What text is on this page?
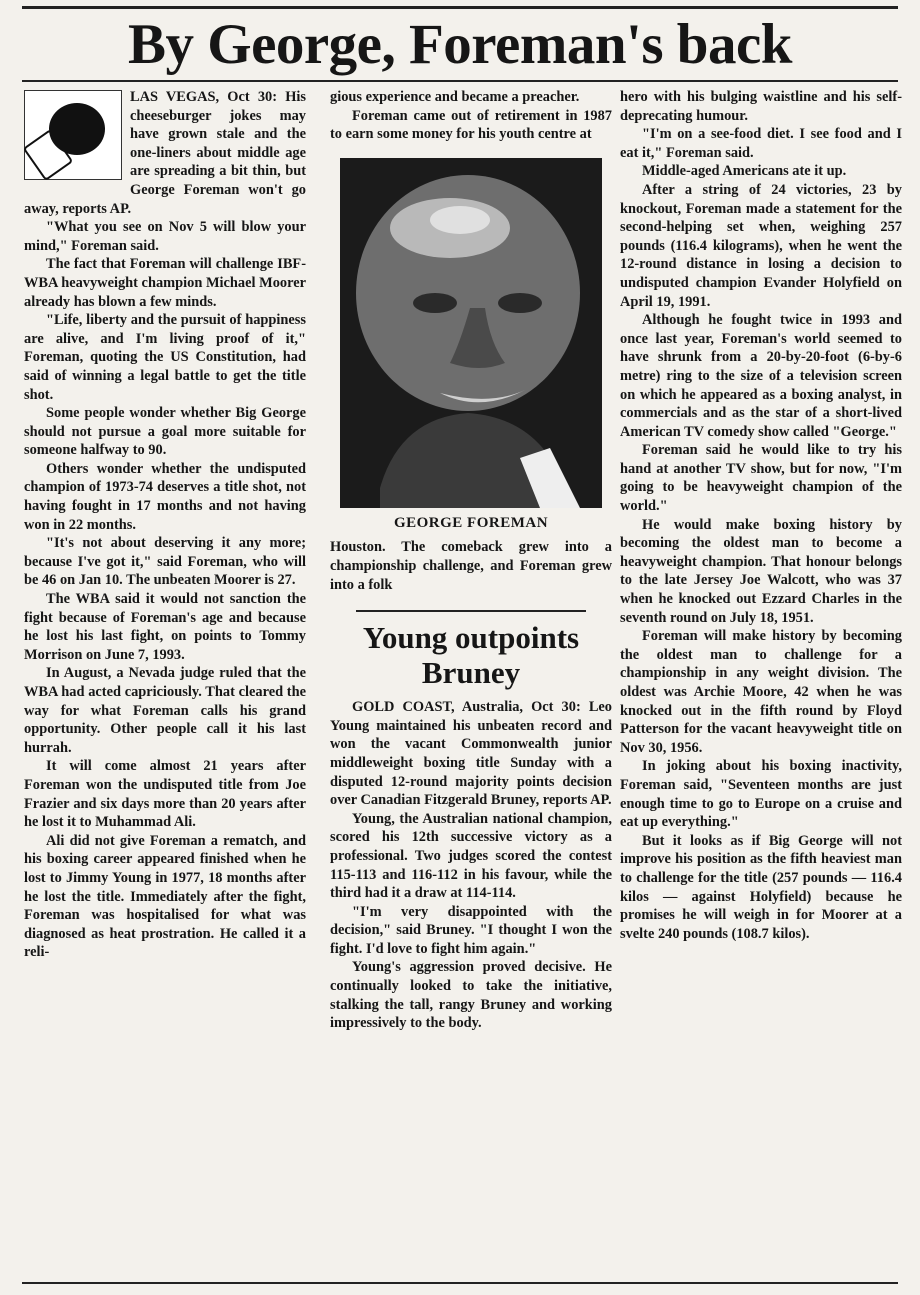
By George, Foreman's back

LAS VEGAS, Oct 30: His cheeseburger jokes may have grown stale and the one-liners about middle age are spreading a bit thin, but George Foreman won't go away, reports AP.

"What you see on Nov 5 will blow your mind," Foreman said.

The fact that Foreman will challenge IBF-WBA heavyweight champion Michael Moorer already has blown a few minds.

"Life, liberty and the pursuit of happiness are alive, and I'm living proof of it," Foreman, quoting the US Constitution, had said of winning a legal battle to get the title shot.

Some people wonder whether Big George should not pursue a goal more suitable for someone halfway to 90.

Others wonder whether the undisputed champion of 1973-74 deserves a title shot, not having fought in 17 months and not having won in 22 months.

"It's not about deserving it any more; because I've got it," said Foreman, who will be 46 on Jan 10. The unbeaten Moorer is 27.

The WBA said it would not sanction the fight because of Foreman's age and because he lost his last fight, on points to Tommy Morrison on June 7, 1993.

In August, a Nevada judge ruled that the WBA had acted capriciously. That cleared the way for what Foreman calls his grand opportunity. Other people call it his last hurrah.

It will come almost 21 years after Foreman won the undisputed title from Joe Frazier and six days more than 20 years after he lost it to Muhammad Ali.

Ali did not give Foreman a rematch, and his boxing career appeared finished when he lost to Jimmy Young in 1977, 18 months after he lost the title. Immediately after the fight, Foreman was hospitalised for what was diagnosed as heat prostration. He called it a reli-

gious experience and became a preacher.

Foreman came out of retirement in 1987 to earn some money for his youth centre at

GEORGE FOREMAN

Houston. The comeback grew into a championship challenge, and Foreman grew into a folk

Young outpoints Bruney

GOLD COAST, Australia, Oct 30: Leo Young maintained his unbeaten record and won the vacant Commonwealth junior middleweight boxing title Sunday with a disputed 12-round majority points decision over Canadian Fitzgerald Bruney, reports AP.

Young, the Australian national champion, scored his 12th successive victory as a professional. Two judges scored the contest 115-113 and 116-112 in his favour, while the third had it a draw at 114-114.

"I'm very disappointed with the decision," said Bruney. "I thought I won the fight. I'd love to fight him again."

Young's aggression proved decisive. He continually looked to take the initiative, stalking the tall, rangy Bruney and working impressively to the body.

hero with his bulging waistline and his self-deprecating humour.

"I'm on a see-food diet. I see food and I eat it," Foreman said.

Middle-aged Americans ate it up.

After a string of 24 victories, 23 by knockout, Foreman made a statement for the second-helping set when, weighing 257 pounds (116.4 kilograms), when he went the 12-round distance in losing a decision to undisputed champion Evander Holyfield on April 19, 1991.

Although he fought twice in 1993 and once last year, Foreman's world seemed to have shrunk from a 20-by-20-foot (6-by-6 metre) ring to the size of a television screen on which he appeared as a boxing analyst, in commercials and as the star of a short-lived American TV comedy show called "George."

Foreman said he would like to try his hand at another TV show, but for now, "I'm going to be heavyweight champion of the world."

He would make boxing history by becoming the oldest man to become a heavyweight champion. That honour belongs to the late Jersey Joe Walcott, who was 37 when he knocked out Ezzard Charles in the seventh round on July 18, 1951.

Foreman will make history by becoming the oldest man to challenge for a championship in any weight division. The oldest was Archie Moore, 42 when he was knocked out in the fifth round by Floyd Patterson for the vacant heavyweight title on Nov 30, 1956.

In joking about his boxing inactivity, Foreman said, "Seventeen months are just enough time to go to Europe on a cruise and eat up everything."

But it looks as if Big George will not improve his position as the fifth heaviest man to challenge for the title (257 pounds — 116.4 kilos — against Holyfield) because he promises he will weigh in for Moorer at a svelte 240 pounds (108.7 kilos).
